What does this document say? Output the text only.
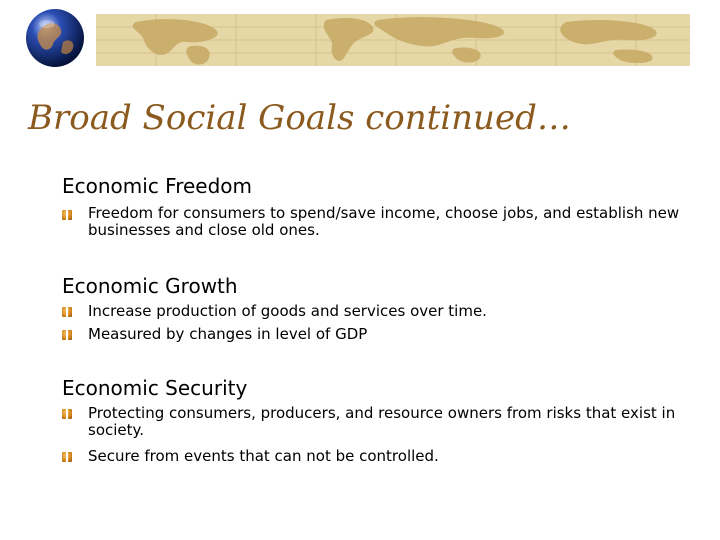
Broad Social Goals continued…
Economic Freedom
Freedom for consumers to spend/save income, choose jobs, and establish new businesses and close old ones.
Economic Growth
Increase production of goods and services over time.
Measured by changes in level of GDP
Economic Security
Protecting consumers, producers, and resource owners from risks that exist in society.
Secure from events that can not be controlled.
